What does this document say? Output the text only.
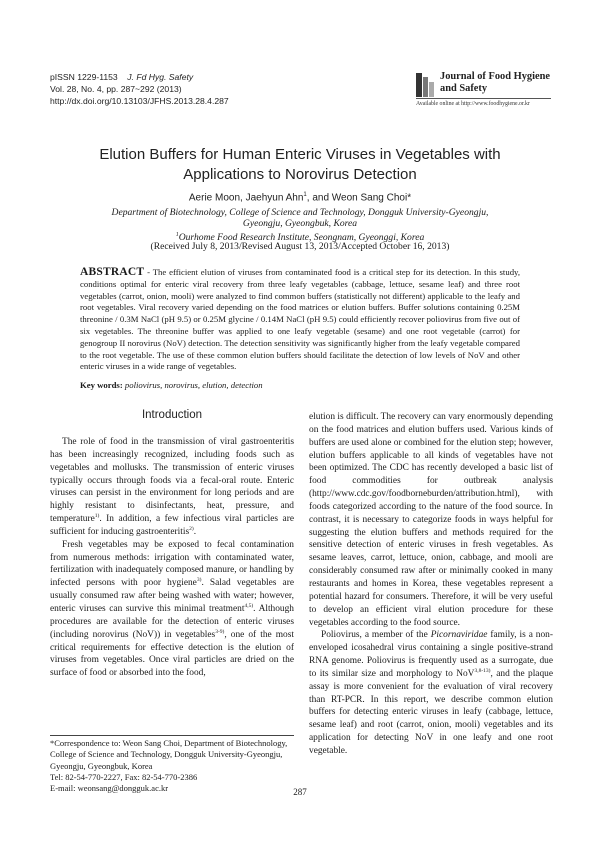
pISSN 1229-1153 J. Fd Hyg. Safety
Vol. 28, No. 4, pp. 287~292 (2013)
http://dx.doi.org/10.13103/JFHS.2013.28.4.287
Journal of Food Hygiene
and Safety
Available online at http://www.foodhygiene.or.kr
Elution Buffers for Human Enteric Viruses in Vegetables with
Applications to Norovirus Detection
Aerie Moon, Jaehyun Ahn$^1$, and Weon Sang Choi*
Department of Biotechnology, College of Science and Technology, Dongguk University-Gyeongju,
Gyeongju, Gyeongbuk, Korea
$^1$Ourhome Food Research Institute, Seongnam, Gyeonggi, Korea
(Received July 8, 2013/Revised August 13, 2013/Accepted October 16, 2013)
ABSTRACT - The efficient elution of viruses from contaminated food is a critical step for its detection. In this study, conditions optimal for enteric viral recovery from three leafy vegetables (cabbage, lettuce, sesame leaf) and three root vegetables (carrot, onion, mooli) were analyzed to find common buffers (statistically not different) applicable to the leafy and root vegetables. Viral recovery varied depending on the food matrices or elution buffers. Buffer solutions containing 0.25M threonine / 0.3M NaCl (pH 9.5) or 0.25M glycine / 0.14M NaCl (pH 9.5) could efficiently recover poliovirus from five out of six vegetables. The threonine buffer was applied to one leafy vegetable (sesame) and one root vegetable (carrot) for genogroup II norovirus (NoV) detection. The detection sensitivity was significantly higher from the leafy vegetable compared to the root vegetable. The use of these common elution buffers should facilitate the detection of low levels of NoV and other enteric viruses in a wide range of vegetables.
Key words: poliovirus, norovirus, elution, detection
Introduction

The role of food in the transmission of viral gastroenteritis has been increasingly recognized, including foods such as vegetables and mollusks. The transmission of enteric viruses typically occurs through foods via a fecal-oral route. Enteric viruses can persist in the environment for long periods and are highly resistant to disinfectants, heat, pressure, and temperature$^{1)}$. In addition, a few infectious viral particles are sufficient for inducing gastroenteritis$^{2)}$.

Fresh vegetables may be exposed to fecal contamination from numerous methods: irrigation with contaminated water, fertilization with inadequately composed manure, or handling by infected persons with poor hygiene$^{3)}$. Salad vegetables are usually consumed raw after being washed with water; however, enteric viruses can survive this minimal treatment$^{4,5)}$. Although procedures are available for the detection of enteric viruses (including norovirus (NoV)) in vegetables$^{3-9)}$, one of the most critical requirements for effective detection is the elution of viruses from vegetables. Once viral particles are dried on the surface of food or absorbed into the food,

elution is difficult. The recovery can vary enormously depending on the food matrices and elution buffers used. Various kinds of buffers are used alone or combined for the elution step; however, elution buffers applicable to all kinds of vegetables have not been optimized. The CDC has recently developed a basic list of food commodities for outbreak analysis (http://www.cdc.gov/foodborneburden/attribution.html), with foods categorized according to the nature of the food source. In contrast, it is necessary to categorize foods in ways helpful for suggesting the elution buffers and methods required for the sensitive detection of enteric viruses in fresh vegetables. As sesame leaves, carrot, lettuce, onion, cabbage, and mooli are considerably consumed raw after or minimally cooked in many restaurants and homes in Korea, these vegetables represent a potential hazard for consumers. Therefore, it will be very useful to develop an efficient viral elution procedure for these vegetables according to the food source.

Poliovirus, a member of the Picornaviridae family, is a non-enveloped icosahedral virus containing a single positive-strand RNA genome. Poliovirus is frequently used as a surrogate, due to its similar size and morphology to NoV$^{3,8-13)}$, and the plaque assay is more convenient for the evaluation of viral recovery than RT-PCR. In this report, we describe common elution buffers for detecting enteric viruses in leafy (cabbage, lettuce, sesame leaf) and root (carrot, onion, mooli) vegetables and its application for detecting NoV in one leafy and one root vegetable.

*Correspondence to: Weon Sang Choi, Department of Biotechnology, College of Science and Technology, Dongguk University-Gyeongju, Gyeongju, Gyeongbuk, Korea
Tel: 82-54-770-2227, Fax: 82-54-770-2386
E-mail: weonsang@dongguk.ac.kr	287
